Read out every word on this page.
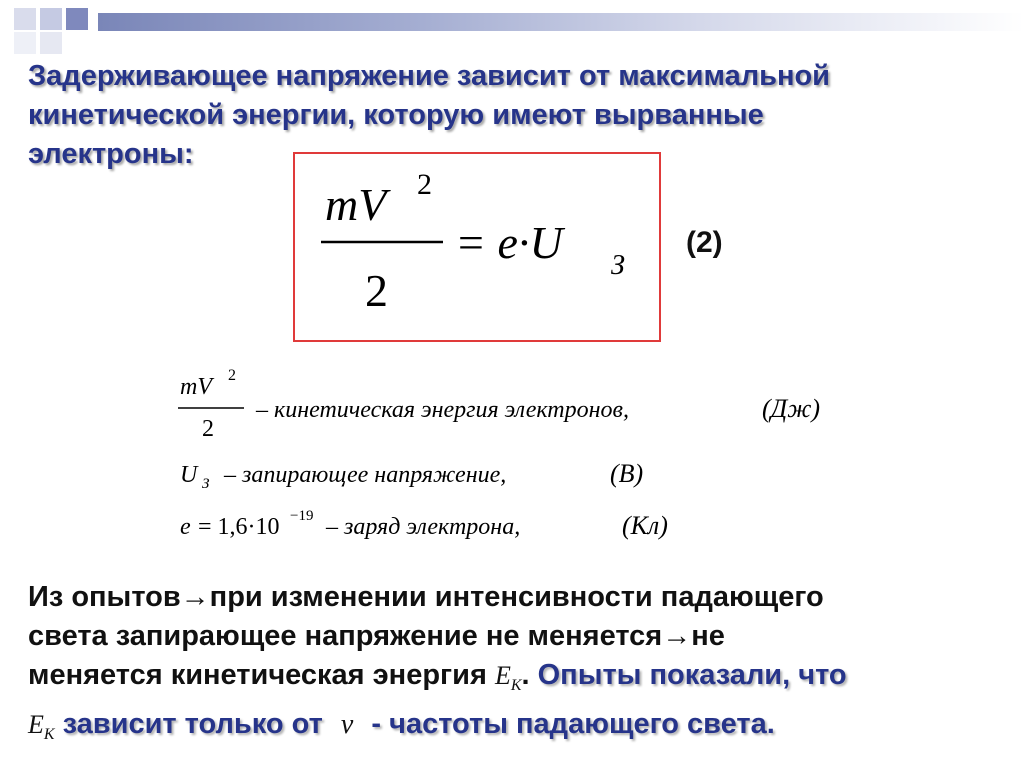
Задерживающее напряжение зависит от максимальной
кинетической энергии, которую имеют вырванные
электроны:
mV 2
2
= e·U З
(2)
mV 2
2
– кинетическая энергия электронов,	(Дж)
U З – запирающее напряжение,	(В)
e = 1,6·10 −19 – заряд электрона,	(Кл)
Из опытов→при изменении интенсивности падающего
света запирающее напряжение не меняется→не
меняется кинетическая энергия $E_K$. Опыты показали, что
$E_K$ зависит только от ν - частоты падающего света.
